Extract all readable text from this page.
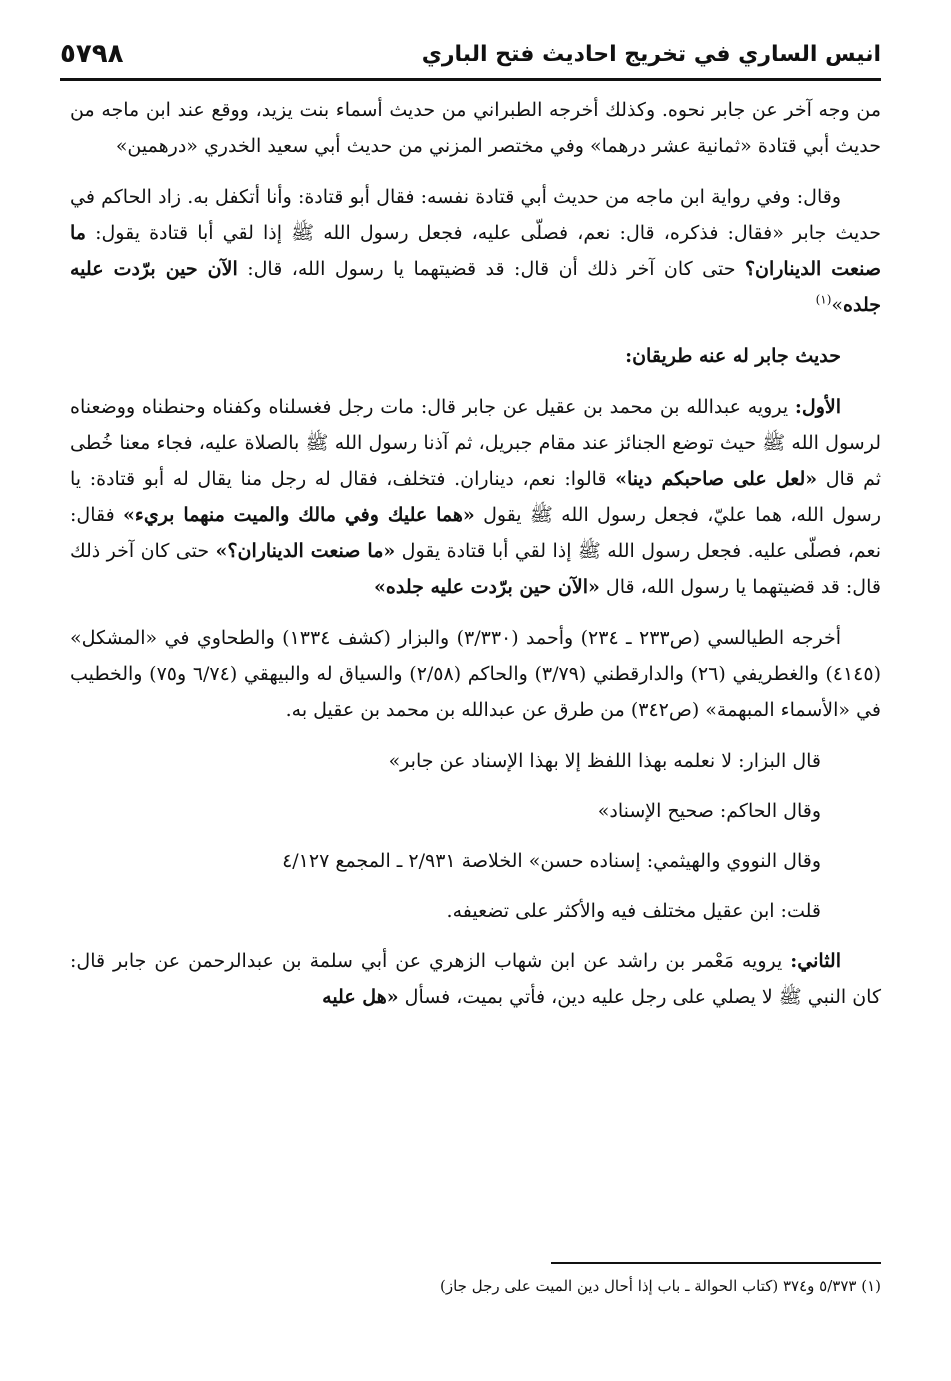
انيس الساري في تخريج احاديث فتح الباري
٥٧٩٨

من وجه آخر عن جابر نحوه. وكذلك أخرجه الطبراني من حديث أسماء بنت يزيد، ووقع عند ابن ماجه من حديث أبي قتادة «ثمانية عشر درهما» وفي مختصر المزني من حديث أبي سعيد الخدري «درهمين»

وقال: وفي رواية ابن ماجه من حديث أبي قتادة نفسه: فقال أبو قتادة: وأنا أتكفل به. زاد الحاكم في حديث جابر «فقال: فذكره، قال: نعم، فصلّى عليه، فجعل رسول الله ﷺ إذا لقي أبا قتادة يقول: ما صنعت الديناران؟ حتى كان آخر ذلك أن قال: قد قضيتهما يا رسول الله، قال: الآن حين برّدت عليه جلده»$^{(١)}$

حديث جابر له عنه طريقان:

الأول: يرويه عبدالله بن محمد بن عقيل عن جابر قال: مات رجل فغسلناه وكفناه وحنطناه ووضعناه لرسول الله ﷺ حيث توضع الجنائز عند مقام جبريل، ثم آذنا رسول الله ﷺ بالصلاة عليه، فجاء معنا خُطى ثم قال «لعل على صاحبكم دينا» قالوا: نعم، ديناران. فتخلف، فقال له رجل منا يقال له أبو قتادة: يا رسول الله، هما عليّ، فجعل رسول الله ﷺ يقول «هما عليك وفي مالك والميت منهما بريء» فقال: نعم، فصلّى عليه. فجعل رسول الله ﷺ إذا لقي أبا قتادة يقول «ما صنعت الديناران؟» حتى كان آخر ذلك قال: قد قضيتهما يا رسول الله، قال «الآن حين برّدت عليه جلده»

أخرجه الطيالسي (ص٢٣٣ ـ ٢٣٤) وأحمد (٣/٣٣٠) والبزار (كشف ١٣٣٤) والطحاوي في «المشكل» (٤١٤٥) والغطريفي (٢٦) والدارقطني (٣/٧٩) والحاكم (٢/٥٨) والسياق له والبيهقي (٦/٧٤ و٧٥) والخطيب في «الأسماء المبهمة» (ص٣٤٢) من طرق عن عبدالله بن محمد بن عقيل به.

قال البزار: لا نعلمه بهذا اللفظ إلا بهذا الإسناد عن جابر»

وقال الحاكم: صحيح الإسناد»

وقال النووي والهيثمي: إسناده حسن» الخلاصة ٢/٩٣١ ـ المجمع ٤/١٢٧

قلت: ابن عقيل مختلف فيه والأكثر على تضعيفه.

الثاني: يرويه مَعْمر بن راشد عن ابن شهاب الزهري عن أبي سلمة بن عبدالرحمن عن جابر قال: كان النبي ﷺ لا يصلي على رجل عليه دين، فأتي بميت، فسأل «هل عليه

(١) ٥/٣٧٣ و٣٧٤ (كتاب الحوالة ـ باب إذا أحال دين الميت على رجل جاز)
